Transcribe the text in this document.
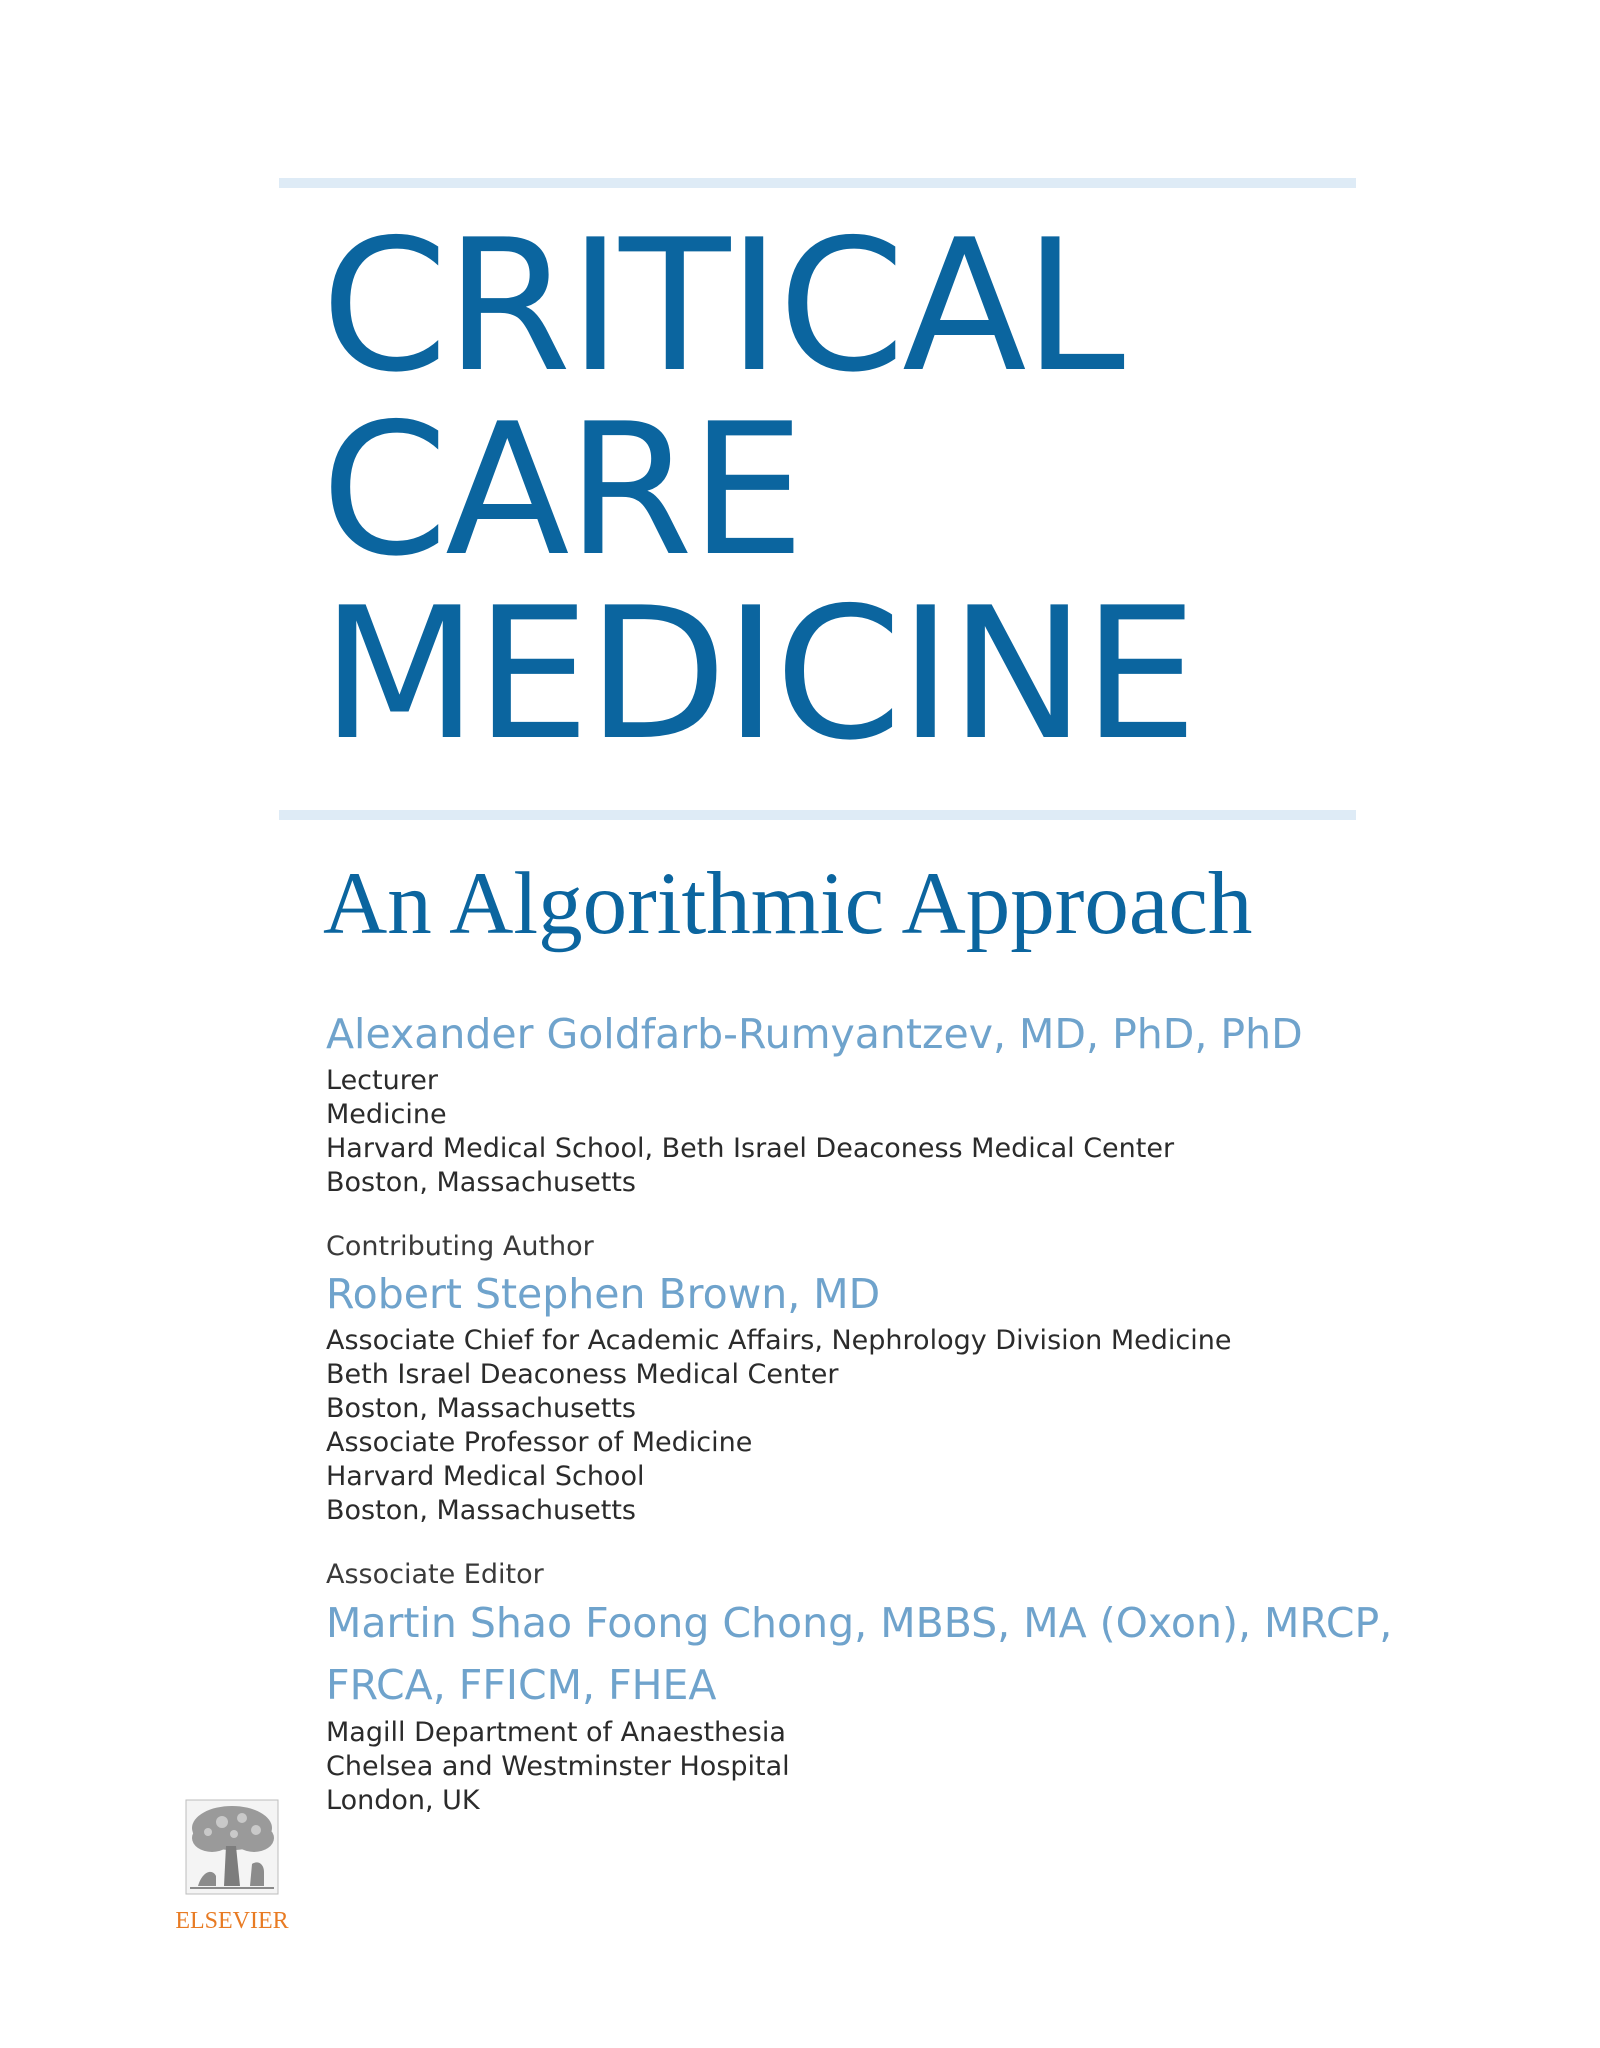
CRITICAL
CARE
MEDICINE
An Algorithmic Approach

Alexander Goldfarb-Rumyantzev, MD, PhD, PhD

Lecturer
Medicine
Harvard Medical School, Beth Israel Deaconess Medical Center
Boston, Massachusetts

Contributing Author

Robert Stephen Brown, MD

Associate Chief for Academic Affairs, Nephrology Division Medicine
Beth Israel Deaconess Medical Center
Boston, Massachusetts
Associate Professor of Medicine
Harvard Medical School
Boston, Massachusetts

Associate Editor

Martin Shao Foong Chong, MBBS, MA (Oxon), MRCP,

FRCA, FFICM, FHEA

Magill Department of Anaesthesia
Chelsea and Westminster Hospital
London, UK
ELSEVIER
